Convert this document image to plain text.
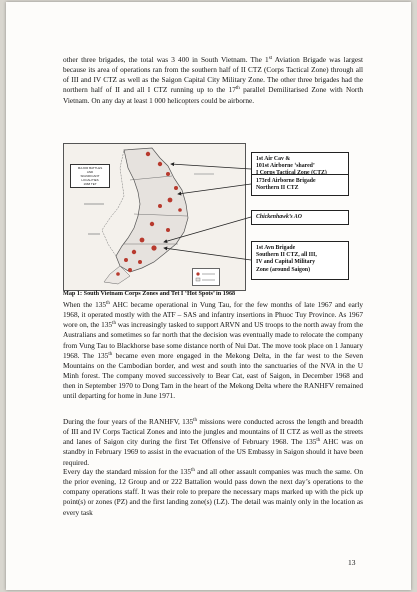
other three brigades, the total was 3 400 in South Vietnam. The 1st Aviation Brigade was largest because its area of operations ran from the southern half of II CTZ (Corps Tactical Zone) through all of III and IV CTZ as well as the Saigon Capital City Military Zone. The other three brigades had the northern half of II and all I CTZ running up to the 17th parallel Demilitarised Zone with North Vietnam. On any day at least 1 000 helicopters could be airborne.

MAJOR BATTLES
AND
SIGNIFICANT
LOCALITIES
1968 TET
1st Air Cav &
101st Airborne ‘shared’
173rd Airborne Brigade
Northern II CTZ
Chickenhawk’s AO
1st Avn Brigade
Southern II CTZ, all III,
IV and Capital Military
Zone (around Saigon)

Map 1: South Vietnam Corps Zones and Tet I ‘Hot Spots’ in 1968

When the 135th AHC became operational in Vung Tau, for the few months of late 1967 and early 1968, it operated mostly with the ATF – SAS and infantry insertions in Phuoc Tuy Province. As 1967 wore on, the 135th was increasingly tasked to support ARVN and US troops to the north away from the Australians and sometimes so far north that the decision was eventually made to relocate the company from Vung Tau to Blackhorse base some distance north of Nui Dat. The move took place on 1 January 1968. The 135th became even more engaged in the Mekong Delta, in the far west to the Seven Mountains on the Cambodian border, and west and south into the sanctuaries of the NVA in the U Minh forest. The company moved successively to Bear Cat, east of Saigon, in December 1968 and then in September 1970 to Dong Tam in the heart of the Mekong Delta where the RANHFV remained until departing for home in June 1971.

During the four years of the RANHFV, 135th missions were conducted across the length and breadth of III and IV Corps Tactical Zones and into the jungles and mountains of II CTZ as well as the streets and lanes of Saigon city during the first Tet Offensive of February 1968. The 135th AHC was on standby in February 1969 to assist in the evacuation of the US Embassy in Saigon should it have been required.

Every day the standard mission for the 135th and all other assault companies was much the same. On the prior evening, 12 Group and or 222 Battalion would pass down the next day’s operations to the company operations staff. It was their role to prepare the necessary maps marked up with the pick up point(s) or zones (PZ) and the first landing zone(s) (LZ). The detail was mainly only in the location as every task

13
